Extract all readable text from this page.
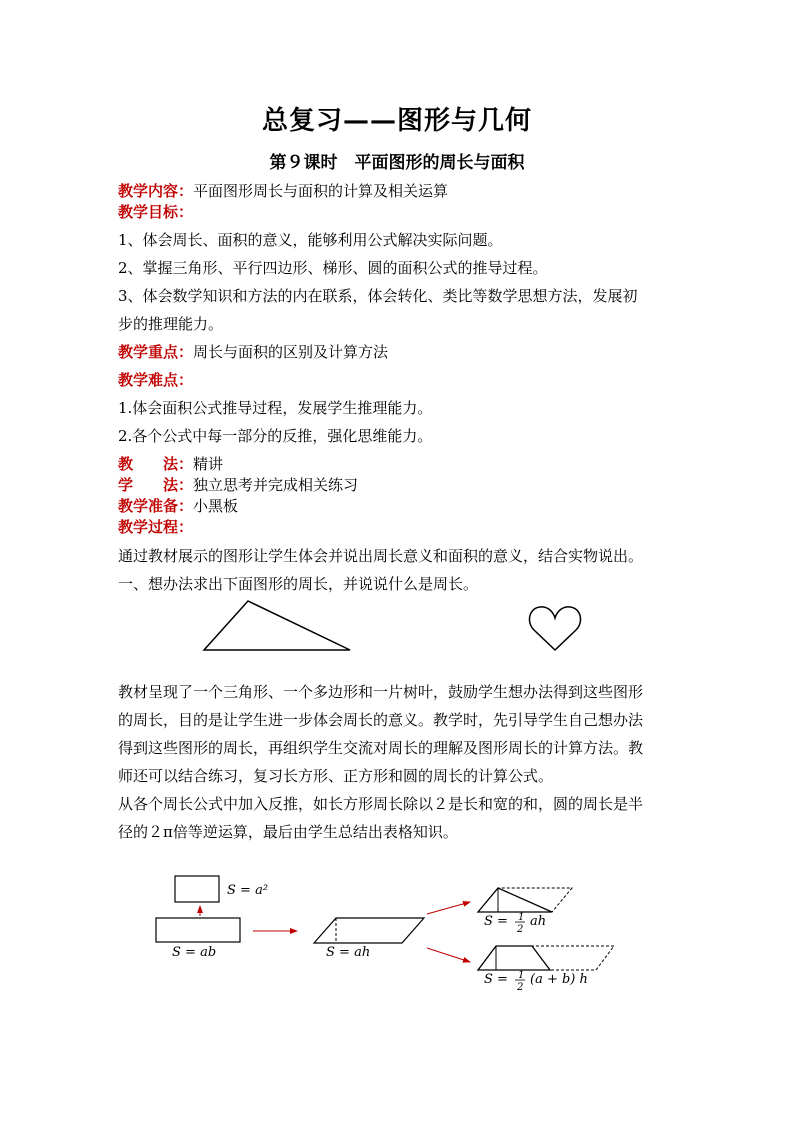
总复习——图形与几何
第９课时　平面图形的周长与面积
教学内容：平面图形周长与面积的计算及相关运算
教学目标：
1、体会周长、面积的意义，能够利用公式解决实际问题。
2、掌握三角形、平行四边形、梯形、圆的面积公式的推导过程。
3、体会数学知识和方法的内在联系，体会转化、类比等数学思想方法，发展初
步的推理能力。
教学重点：周长与面积的区别及计算方法
教学难点：
1.体会面积公式推导过程，发展学生推理能力。
2.各个公式中每一部分的反推，强化思维能力。
教　　法：精讲
学　　法：独立思考并完成相关练习
教学准备：小黑板
教学过程：
通过教材展示的图形让学生体会并说出周长意义和面积的意义，结合实物说出。
一、想办法求出下面图形的周长，并说说什么是周长。
教材呈现了一个三角形、一个多边形和一片树叶，鼓励学生想办法得到这些图形
的周长，目的是让学生进一步体会周长的意义。教学时，先引导学生自己想办法
得到这些图形的周长，再组织学生交流对周长的理解及图形周长的计算方法。教
师还可以结合练习，复习长方形、正方形和圆的周长的计算公式。
从各个周长公式中加入反推，如长方形周长除以２是长和宽的和，圆的周长是半
径的２π倍等逆运算，最后由学生总结出表格知识。
S = a²
S = ab	S = ah
S = 1
2
ah
S = 1
2
(a + b) h
